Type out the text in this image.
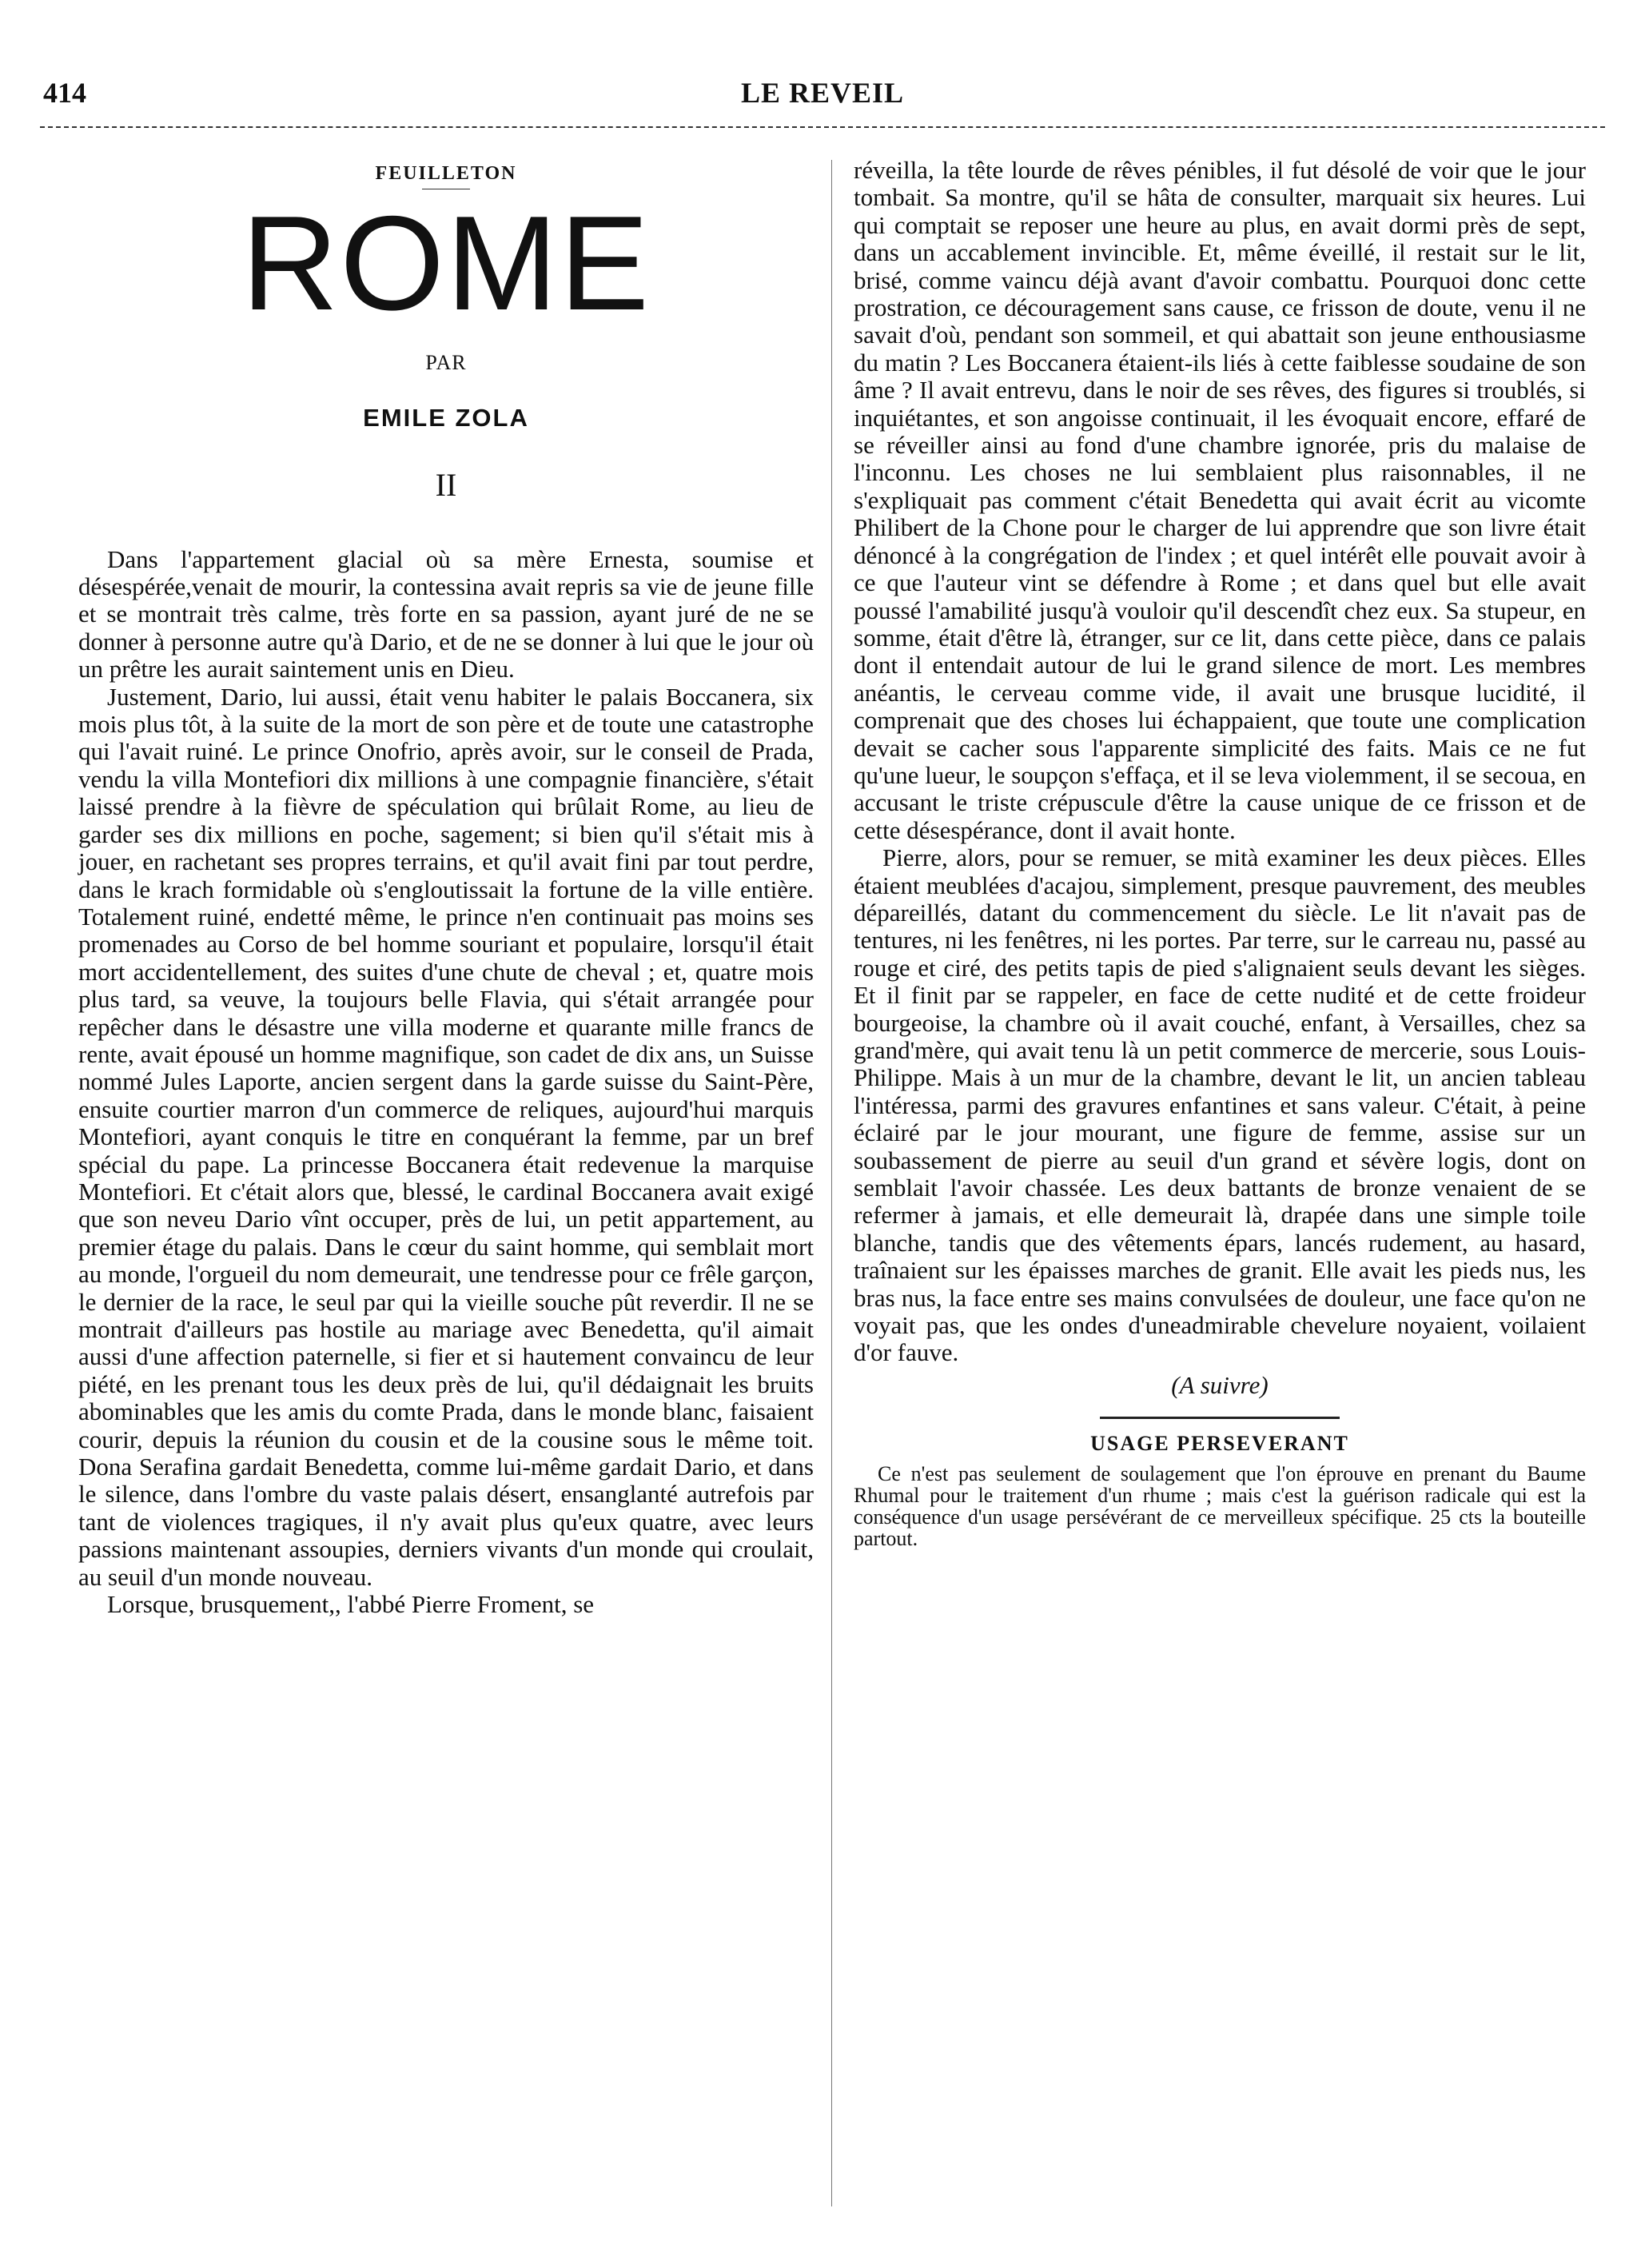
414	LE REVEIL
FEUILLETON
ROME
PAR
EMILE ZOLA
II

Dans l'appartement glacial où sa mère Ernesta, soumise et désespérée,venait de mourir, la contessina avait repris sa vie de jeune fille et se montrait très calme, très forte en sa passion, ayant juré de ne se donner à personne autre qu'à Dario, et de ne se donner à lui que le jour où un prêtre les aurait saintement unis en Dieu.

Justement, Dario, lui aussi, était venu habiter le palais Boccanera, six mois plus tôt, à la suite de la mort de son père et de toute une catastrophe qui l'avait ruiné. Le prince Onofrio, après avoir, sur le conseil de Prada, vendu la villa Montefiori dix millions à une compagnie financière, s'était laissé prendre à la fièvre de spéculation qui brûlait Rome, au lieu de garder ses dix millions en poche, sagement; si bien qu'il s'était mis à jouer, en rachetant ses propres terrains, et qu'il avait fini par tout perdre, dans le krach formidable où s'engloutissait la fortune de la ville entière. Totalement ruiné, endetté même, le prince n'en continuait pas moins ses promenades au Corso de bel homme souriant et populaire, lorsqu'il était mort accidentellement, des suites d'une chute de cheval ; et, quatre mois plus tard, sa veuve, la toujours belle Flavia, qui s'était arrangée pour repêcher dans le désastre une villa moderne et quarante mille francs de rente, avait épousé un homme magnifique, son cadet de dix ans, un Suisse nommé Jules Laporte, ancien sergent dans la garde suisse du Saint-Père, ensuite courtier marron d'un commerce de reliques, aujourd'hui marquis Montefiori, ayant conquis le titre en conquérant la femme, par un bref spécial du pape. La princesse Boccanera était redevenue la marquise Montefiori. Et c'était alors que, blessé, le cardinal Boccanera avait exigé que son neveu Dario vînt occuper, près de lui, un petit appartement, au premier étage du palais. Dans le cœur du saint homme, qui semblait mort au monde, l'orgueil du nom demeurait, une tendresse pour ce frêle garçon, le dernier de la race, le seul par qui la vieille souche pût reverdir. Il ne se montrait d'ailleurs pas hostile au mariage avec Benedetta, qu'il aimait aussi d'une affection paternelle, si fier et si hautement convaincu de leur piété, en les prenant tous les deux près de lui, qu'il dédaignait les bruits abominables que les amis du comte Prada, dans le monde blanc, faisaient courir, depuis la réunion du cousin et de la cousine sous le même toit. Dona Serafina gardait Benedetta, comme lui-même gardait Dario, et dans le silence, dans l'ombre du vaste palais désert, ensanglanté autrefois par tant de violences tragiques, il n'y avait plus qu'eux quatre, avec leurs passions maintenant assoupies, derniers vivants d'un monde qui croulait, au seuil d'un monde nouveau.

Lorsque, brusquement,, l'abbé Pierre Froment, se

réveilla, la tête lourde de rêves pénibles, il fut désolé de voir que le jour tombait. Sa montre, qu'il se hâta de consulter, marquait six heures. Lui qui comptait se reposer une heure au plus, en avait dormi près de sept, dans un accablement invincible. Et, même éveillé, il restait sur le lit, brisé, comme vaincu déjà avant d'avoir combattu. Pourquoi donc cette prostration, ce découragement sans cause, ce frisson de doute, venu il ne savait d'où, pendant son sommeil, et qui abattait son jeune enthousiasme du matin ? Les Boccanera étaient-ils liés à cette faiblesse soudaine de son âme ? Il avait entrevu, dans le noir de ses rêves, des figures si troublés, si inquiétantes, et son angoisse continuait, il les évoquait encore, effaré de se réveiller ainsi au fond d'une chambre ignorée, pris du malaise de l'inconnu. Les choses ne lui semblaient plus raisonnables, il ne s'expliquait pas comment c'était Benedetta qui avait écrit au vicomte Philibert de la Chone pour le charger de lui apprendre que son livre était dénoncé à la congrégation de l'index ; et quel intérêt elle pouvait avoir à ce que l'auteur vint se défendre à Rome ; et dans quel but elle avait poussé l'amabilité jusqu'à vouloir qu'il descendît chez eux. Sa stupeur, en somme, était d'être là, étranger, sur ce lit, dans cette pièce, dans ce palais dont il entendait autour de lui le grand silence de mort. Les membres anéantis, le cerveau comme vide, il avait une brusque lucidité, il comprenait que des choses lui échappaient, que toute une complication devait se cacher sous l'apparente simplicité des faits. Mais ce ne fut qu'une lueur, le soupçon s'effaça, et il se leva violemment, il se secoua, en accusant le triste crépuscule d'être la cause unique de ce frisson et de cette désespérance, dont il avait honte.

Pierre, alors, pour se remuer, se mità examiner les deux pièces. Elles étaient meublées d'acajou, simplement, presque pauvrement, des meubles dépareillés, datant du commencement du siècle. Le lit n'avait pas de tentures, ni les fenêtres, ni les portes. Par terre, sur le carreau nu, passé au rouge et ciré, des petits tapis de pied s'alignaient seuls devant les sièges. Et il finit par se rappeler, en face de cette nudité et de cette froideur bourgeoise, la chambre où il avait couché, enfant, à Versailles, chez sa grand'mère, qui avait tenu là un petit commerce de mercerie, sous Louis-Philippe. Mais à un mur de la chambre, devant le lit, un ancien tableau l'intéressa, parmi des gravures enfantines et sans valeur. C'était, à peine éclairé par le jour mourant, une figure de femme, assise sur un soubassement de pierre au seuil d'un grand et sévère logis, dont on semblait l'avoir chassée. Les deux battants de bronze venaient de se refermer à jamais, et elle demeurait là, drapée dans une simple toile blanche, tandis que des vêtements épars, lancés rudement, au hasard, traînaient sur les épaisses marches de granit. Elle avait les pieds nus, les bras nus, la face entre ses mains convulsées de douleur, une face qu'on ne voyait pas, que les ondes d'uneadmirable chevelure noyaient, voilaient d'or fauve.

(A suivre)
USAGE PERSEVERANT
Ce n'est pas seulement de soulagement que l'on éprouve en prenant du Baume Rhumal pour le traitement d'un rhume ; mais c'est la guérison radicale qui est la conséquence d'un usage persévérant de ce merveilleux spécifique. 25 cts la bouteille partout.
